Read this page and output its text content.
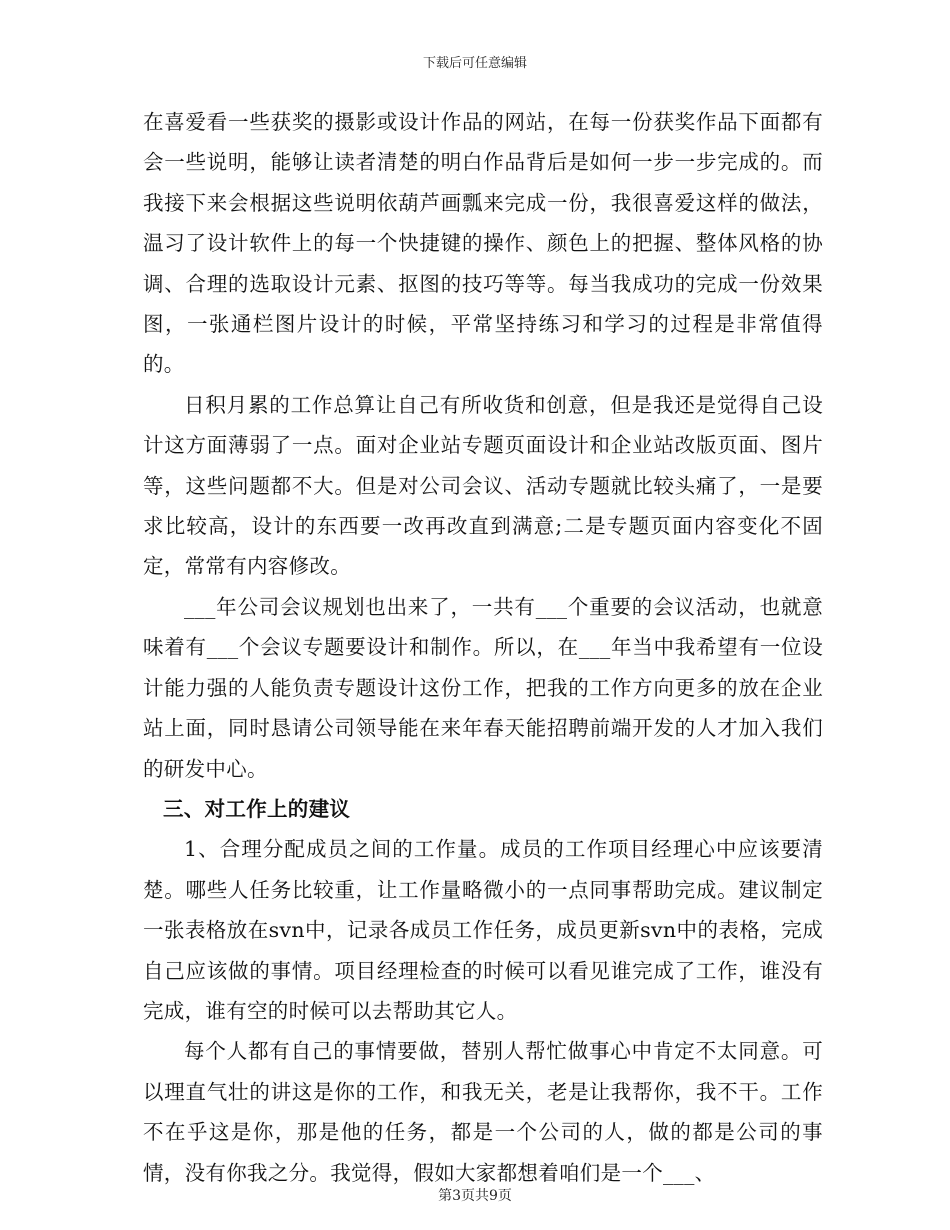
下载后可任意编辑

在喜爱看一些获奖的摄影或设计作品的网站，在每一份获奖作品下面都有会一些说明，能够让读者清楚的明白作品背后是如何一步一步完成的。而我接下来会根据这些说明依葫芦画瓢来完成一份，我很喜爱这样的做法，温习了设计软件上的每一个快捷键的操作、颜色上的把握、整体风格的协调、合理的选取设计元素、抠图的技巧等等。每当我成功的完成一份效果图，一张通栏图片设计的时候，平常坚持练习和学习的过程是非常值得的。

日积月累的工作总算让自己有所收货和创意，但是我还是觉得自己设计这方面薄弱了一点。面对企业站专题页面设计和企业站改版页面、图片等，这些问题都不大。但是对公司会议、活动专题就比较头痛了，一是要求比较高，设计的东西要一改再改直到满意;二是专题页面内容变化不固定，常常有内容修改。

___年公司会议规划也出来了，一共有___个重要的会议活动，也就意味着有___个会议专题要设计和制作。所以，在___年当中我希望有一位设计能力强的人能负责专题设计这份工作，把我的工作方向更多的放在企业站上面，同时恳请公司领导能在来年春天能招聘前端开发的人才加入我们的研发中心。

三、对工作上的建议

1、合理分配成员之间的工作量。成员的工作项目经理心中应该要清楚。哪些人任务比较重，让工作量略微小的一点同事帮助完成。建议制定一张表格放在svn中，记录各成员工作任务，成员更新svn中的表格，完成自己应该做的事情。项目经理检查的时候可以看见谁完成了工作，谁没有完成，谁有空的时候可以去帮助其它人。

每个人都有自己的事情要做，替别人帮忙做事心中肯定不太同意。可以理直气壮的讲这是你的工作，和我无关，老是让我帮你，我不干。工作不在乎这是你，那是他的任务，都是一个公司的人，做的都是公司的事情，没有你我之分。我觉得，假如大家都想着咱们是一个___、

第3页共9页
